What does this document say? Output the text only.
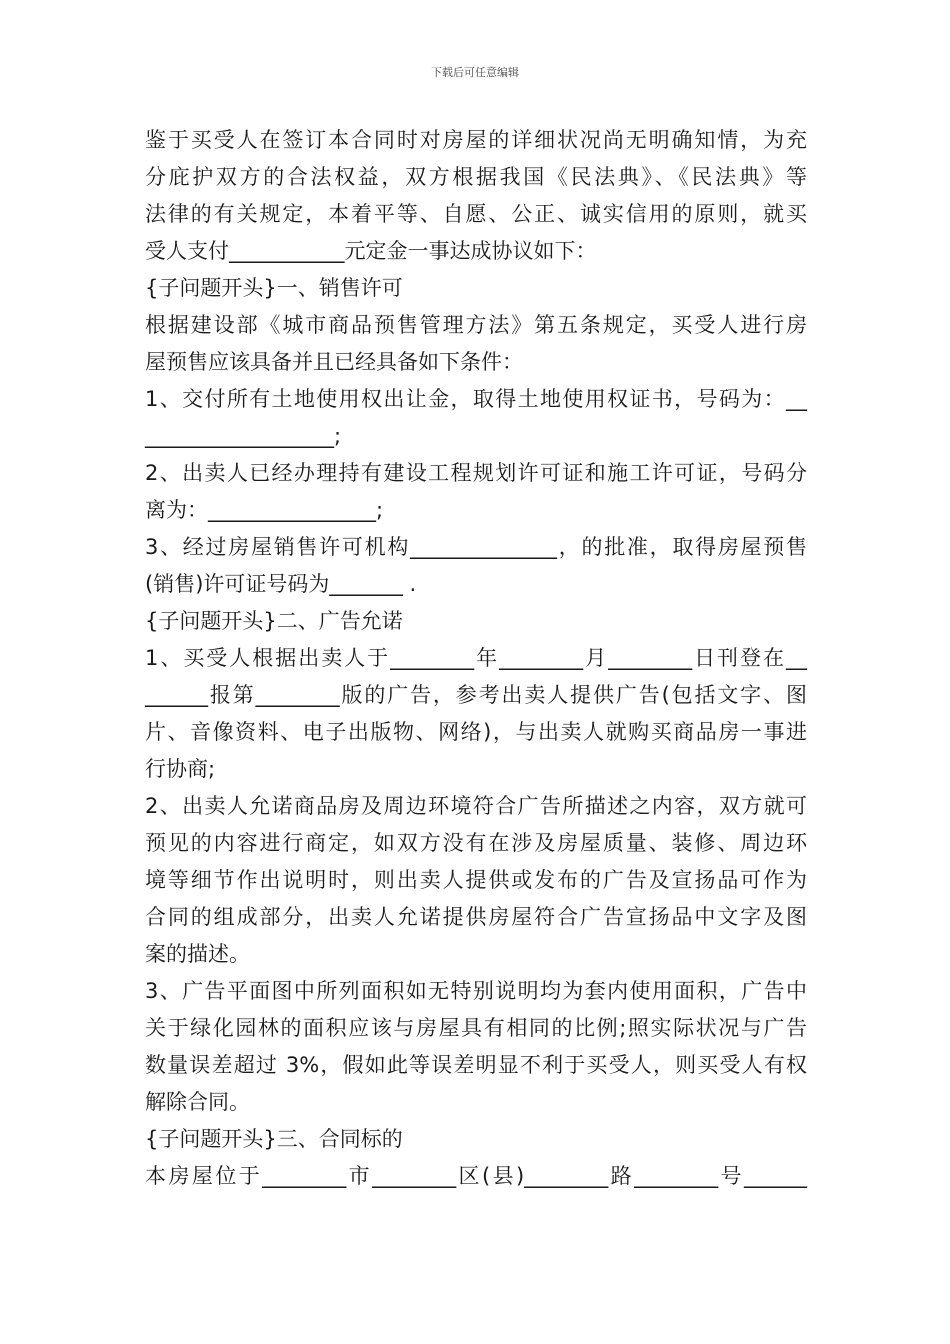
下载后可任意编辑
鉴于买受人在签订本合同时对房屋的详细状况尚无明确知情，为充
分庇护双方的合法权益，双方根据我国《民法典》、《民法典》等
法律的有关规定，本着平等、自愿、公正、诚实信用的原则，就买
受人支付___________元定金一事达成协议如下：
{子问题开头}一、销售许可
根据建设部《城市商品预售管理方法》第五条规定，买受人进行房
屋预售应该具备并且已经具备如下条件：
1、交付所有土地使用权出让金，取得土地使用权证书，号码为：__
__________________;
2、出卖人已经办理持有建设工程规划许可证和施工许可证，号码分
离为：________________;
3、经过房屋销售许可机构______________，的批准，取得房屋预售
(销售)许可证号码为_______ .
{子问题开头}二、广告允诺
1、买受人根据出卖人于________年________月________日刊登在__
______报第________版的广告，参考出卖人提供广告(包括文字、图
片、音像资料、电子出版物、网络)，与出卖人就购买商品房一事进
行协商;
2、出卖人允诺商品房及周边环境符合广告所描述之内容，双方就可
预见的内容进行商定，如双方没有在涉及房屋质量、装修、周边环
境等细节作出说明时，则出卖人提供或发布的广告及宣扬品可作为
合同的组成部分，出卖人允诺提供房屋符合广告宣扬品中文字及图
案的描述。
3、广告平面图中所列面积如无特别说明均为套内使用面积，广告中
关于绿化园林的面积应该与房屋具有相同的比例;照实际状况与广告
数量误差超过 3%，假如此等误差明显不利于买受人，则买受人有权
解除合同。
{子问题开头}三、合同标的
本房屋位于________市________区(县)________路________号______
